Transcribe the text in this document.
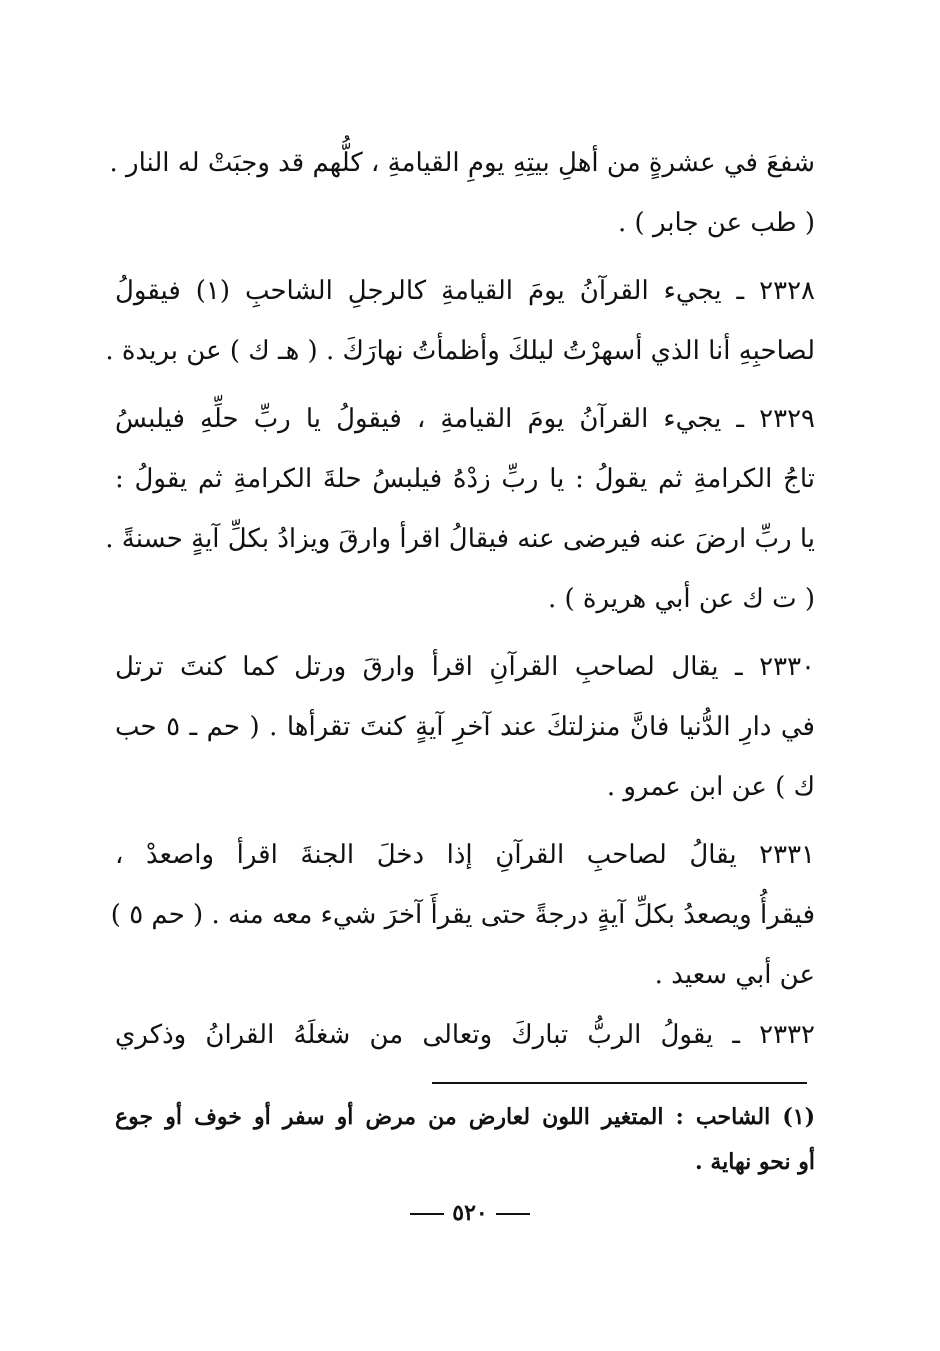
شفعَ في عشرةٍ من أهلِ بيتِهِ يومِ القيامةِ ، كلُّهم قد وجبَتْ له النار .
( طب عن جابر ) .
٢٣٢٨ ـ يجيء القرآنُ يومَ القيامةِ كالرجلِ الشاحبِ (١) فيقولُ
لصاحبِهِ أنا الذي أسهرْتُ ليلكَ وأظمأتُ نهارَكَ . ( هـ ك ) عن بريدة .
٢٣٢٩ ـ يجيء القرآنُ يومَ القيامةِ ، فيقولُ يا ربِّ حلِّهِ فيلبسُ
تاجُ الكرامةِ ثم يقولُ : يا ربِّ زدْهُ فيلبسُ حلةَ الكرامةِ ثم يقولُ :
يا ربِّ ارضَ عنه فيرضى عنه فيقالُ اقرأ وارقَ ويزادُ بكلِّ آيةٍ حسنةً .
( ت ك عن أبي هريرة ) .
٢٣٣٠ ـ يقال لصاحبِ القرآنِ اقرأ وارقَ ورتل كما كنتَ ترتل
في دارِ الدُّنيا فانَّ منزلتكَ عند آخرِ آيةٍ كنتَ تقرأها . ( حم ـ ٥ حب
ك ) عن ابن عمرو .
٢٣٣١ يقالُ لصاحبِ القرآنِ إذا دخلَ الجنةَ اقرأ واصعدْ ،
فيقرأُ ويصعدُ بكلِّ آيةٍ درجةً حتى يقرأَ آخرَ شيء معه منه . ( حم ٥ )
عن أبي سعيد .
٢٣٣٢ ـ يقولُ الربُّ تباركَ وتعالى من شغلَهُ القرانُ وذكري
(١) الشاحب : المتغير اللون لعارض من مرض أو سفر أو خوف أو جوع
أو نحو نهاية .
٥٢٠
